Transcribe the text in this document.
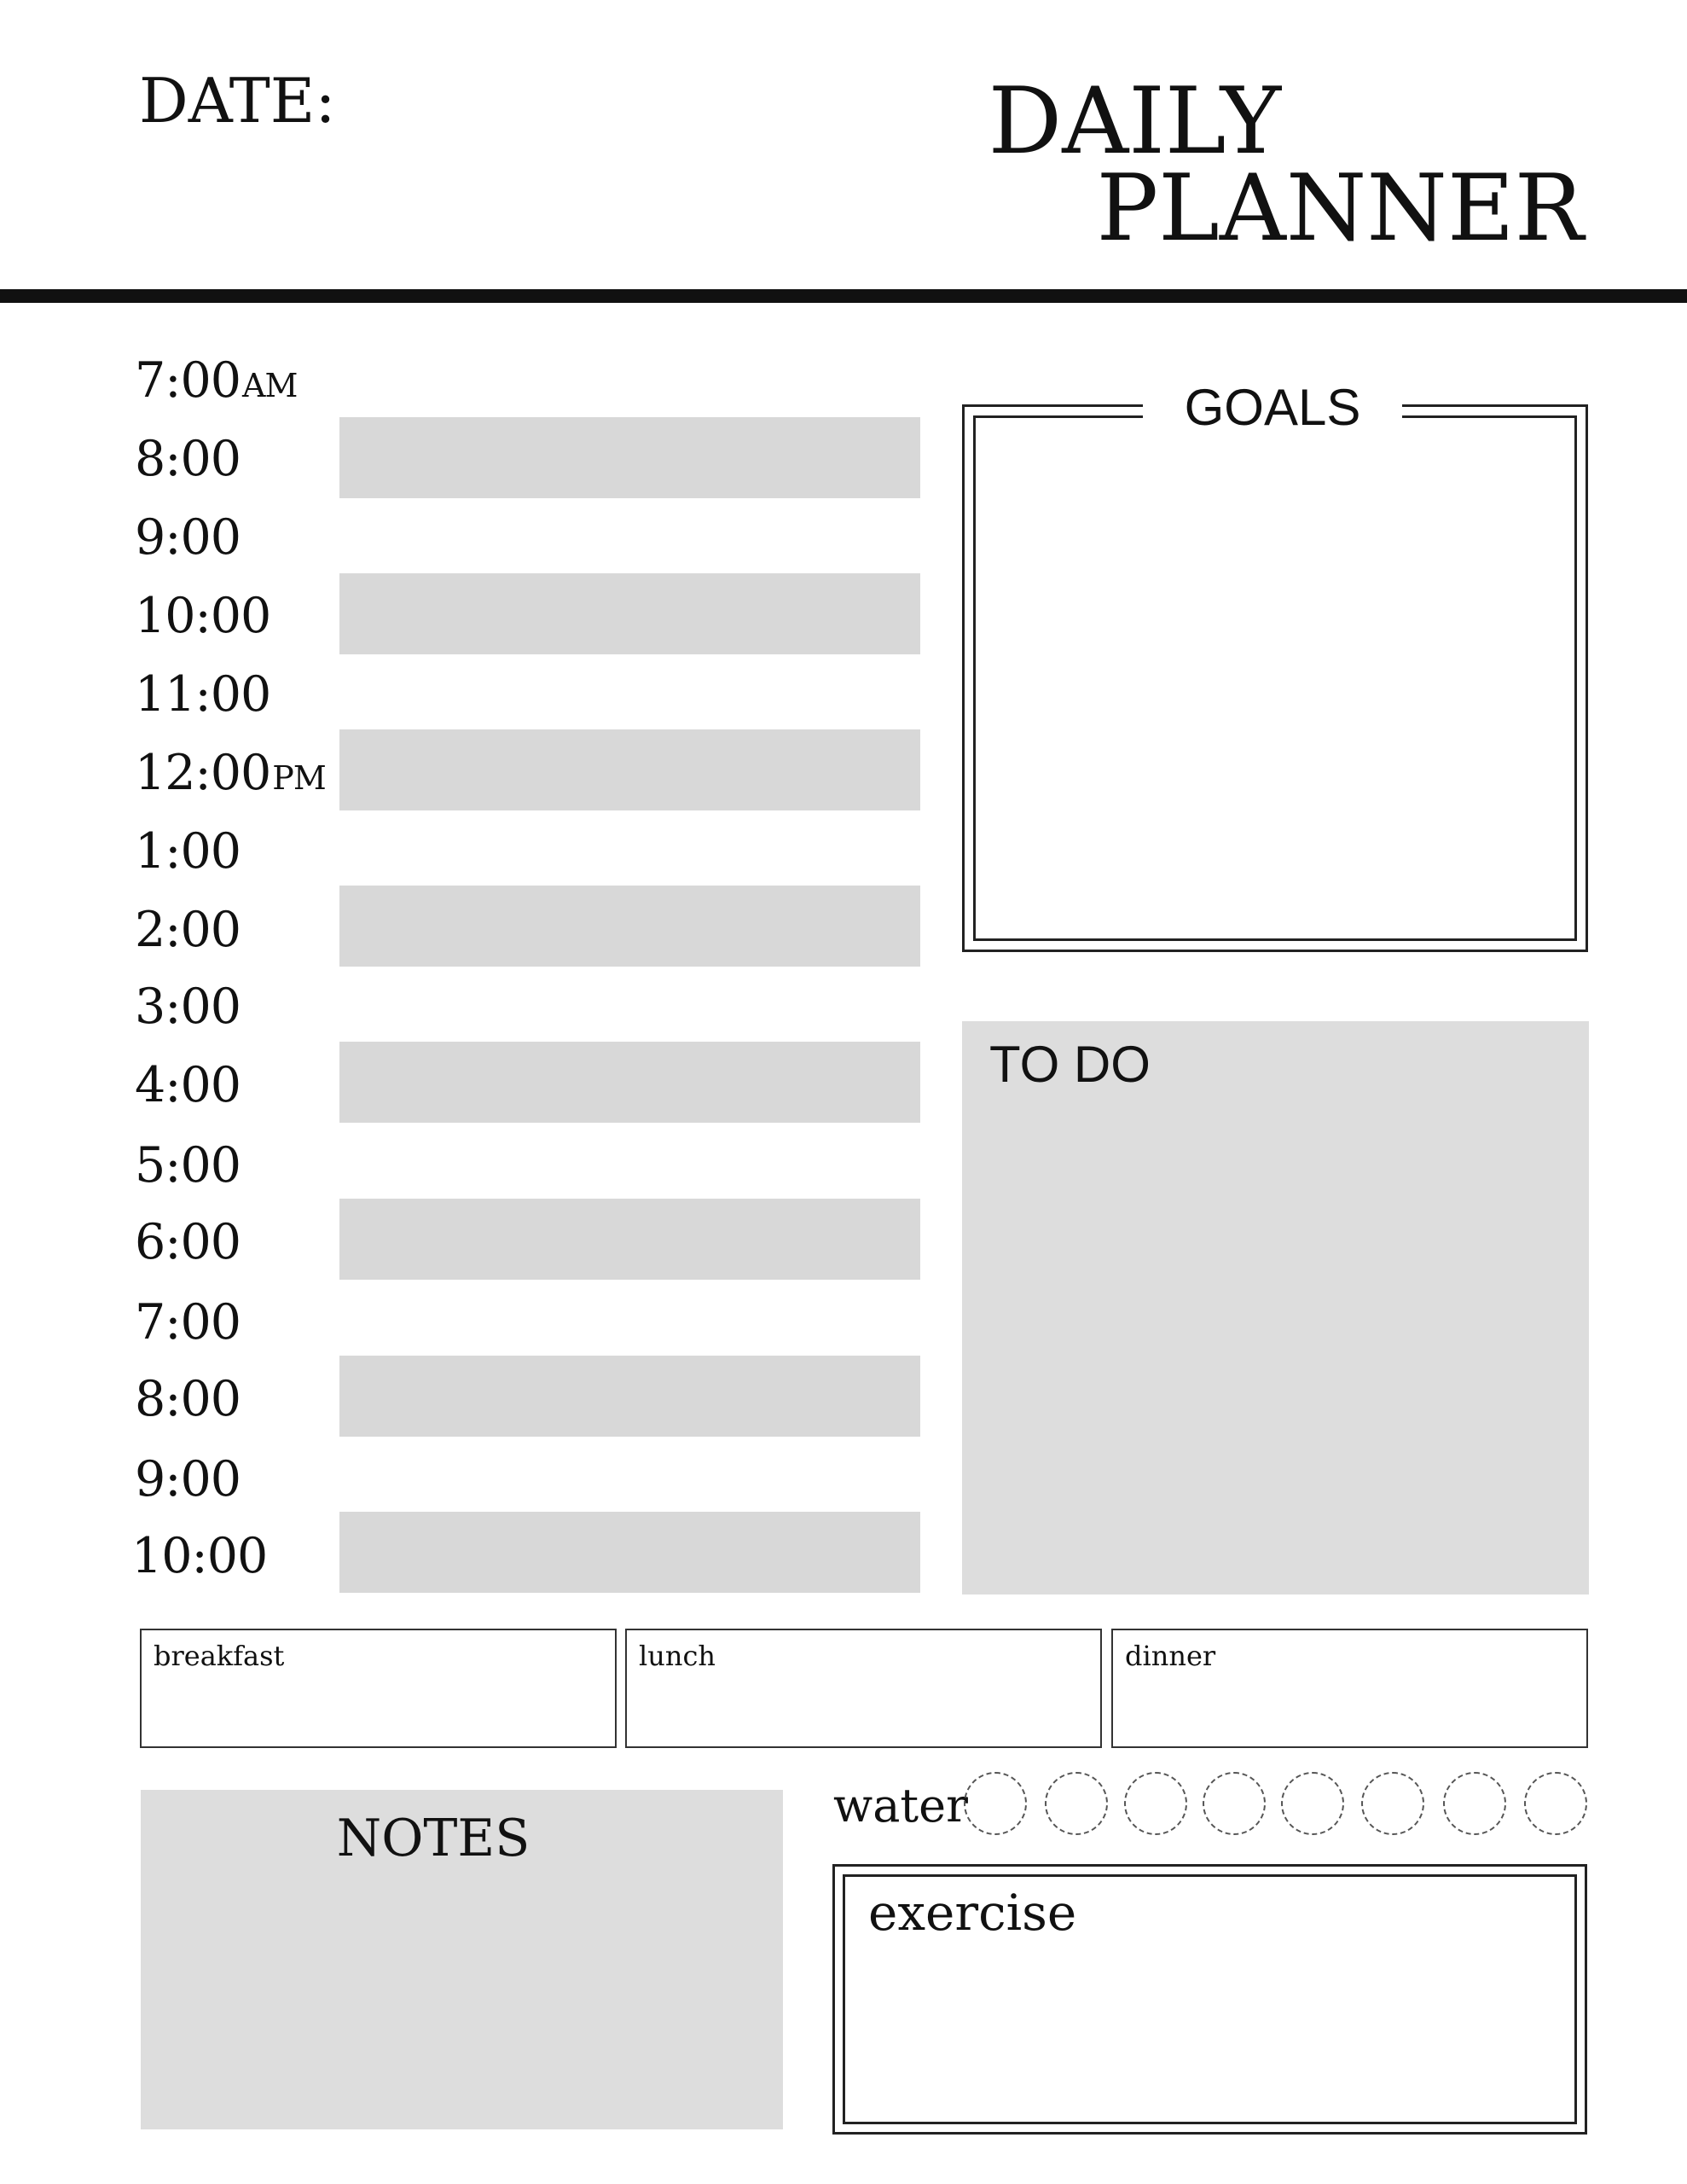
DATE:	DAILY
PLANNER
7:00AM
8:00
9:00
10:00
11:00
12:00PM
1:00
2:00
3:00
4:00
5:00
6:00
7:00
8:00
9:00
10:00
GOALS
TO DO
breakfast	lunch	dinner
NOTES
water
exercise
